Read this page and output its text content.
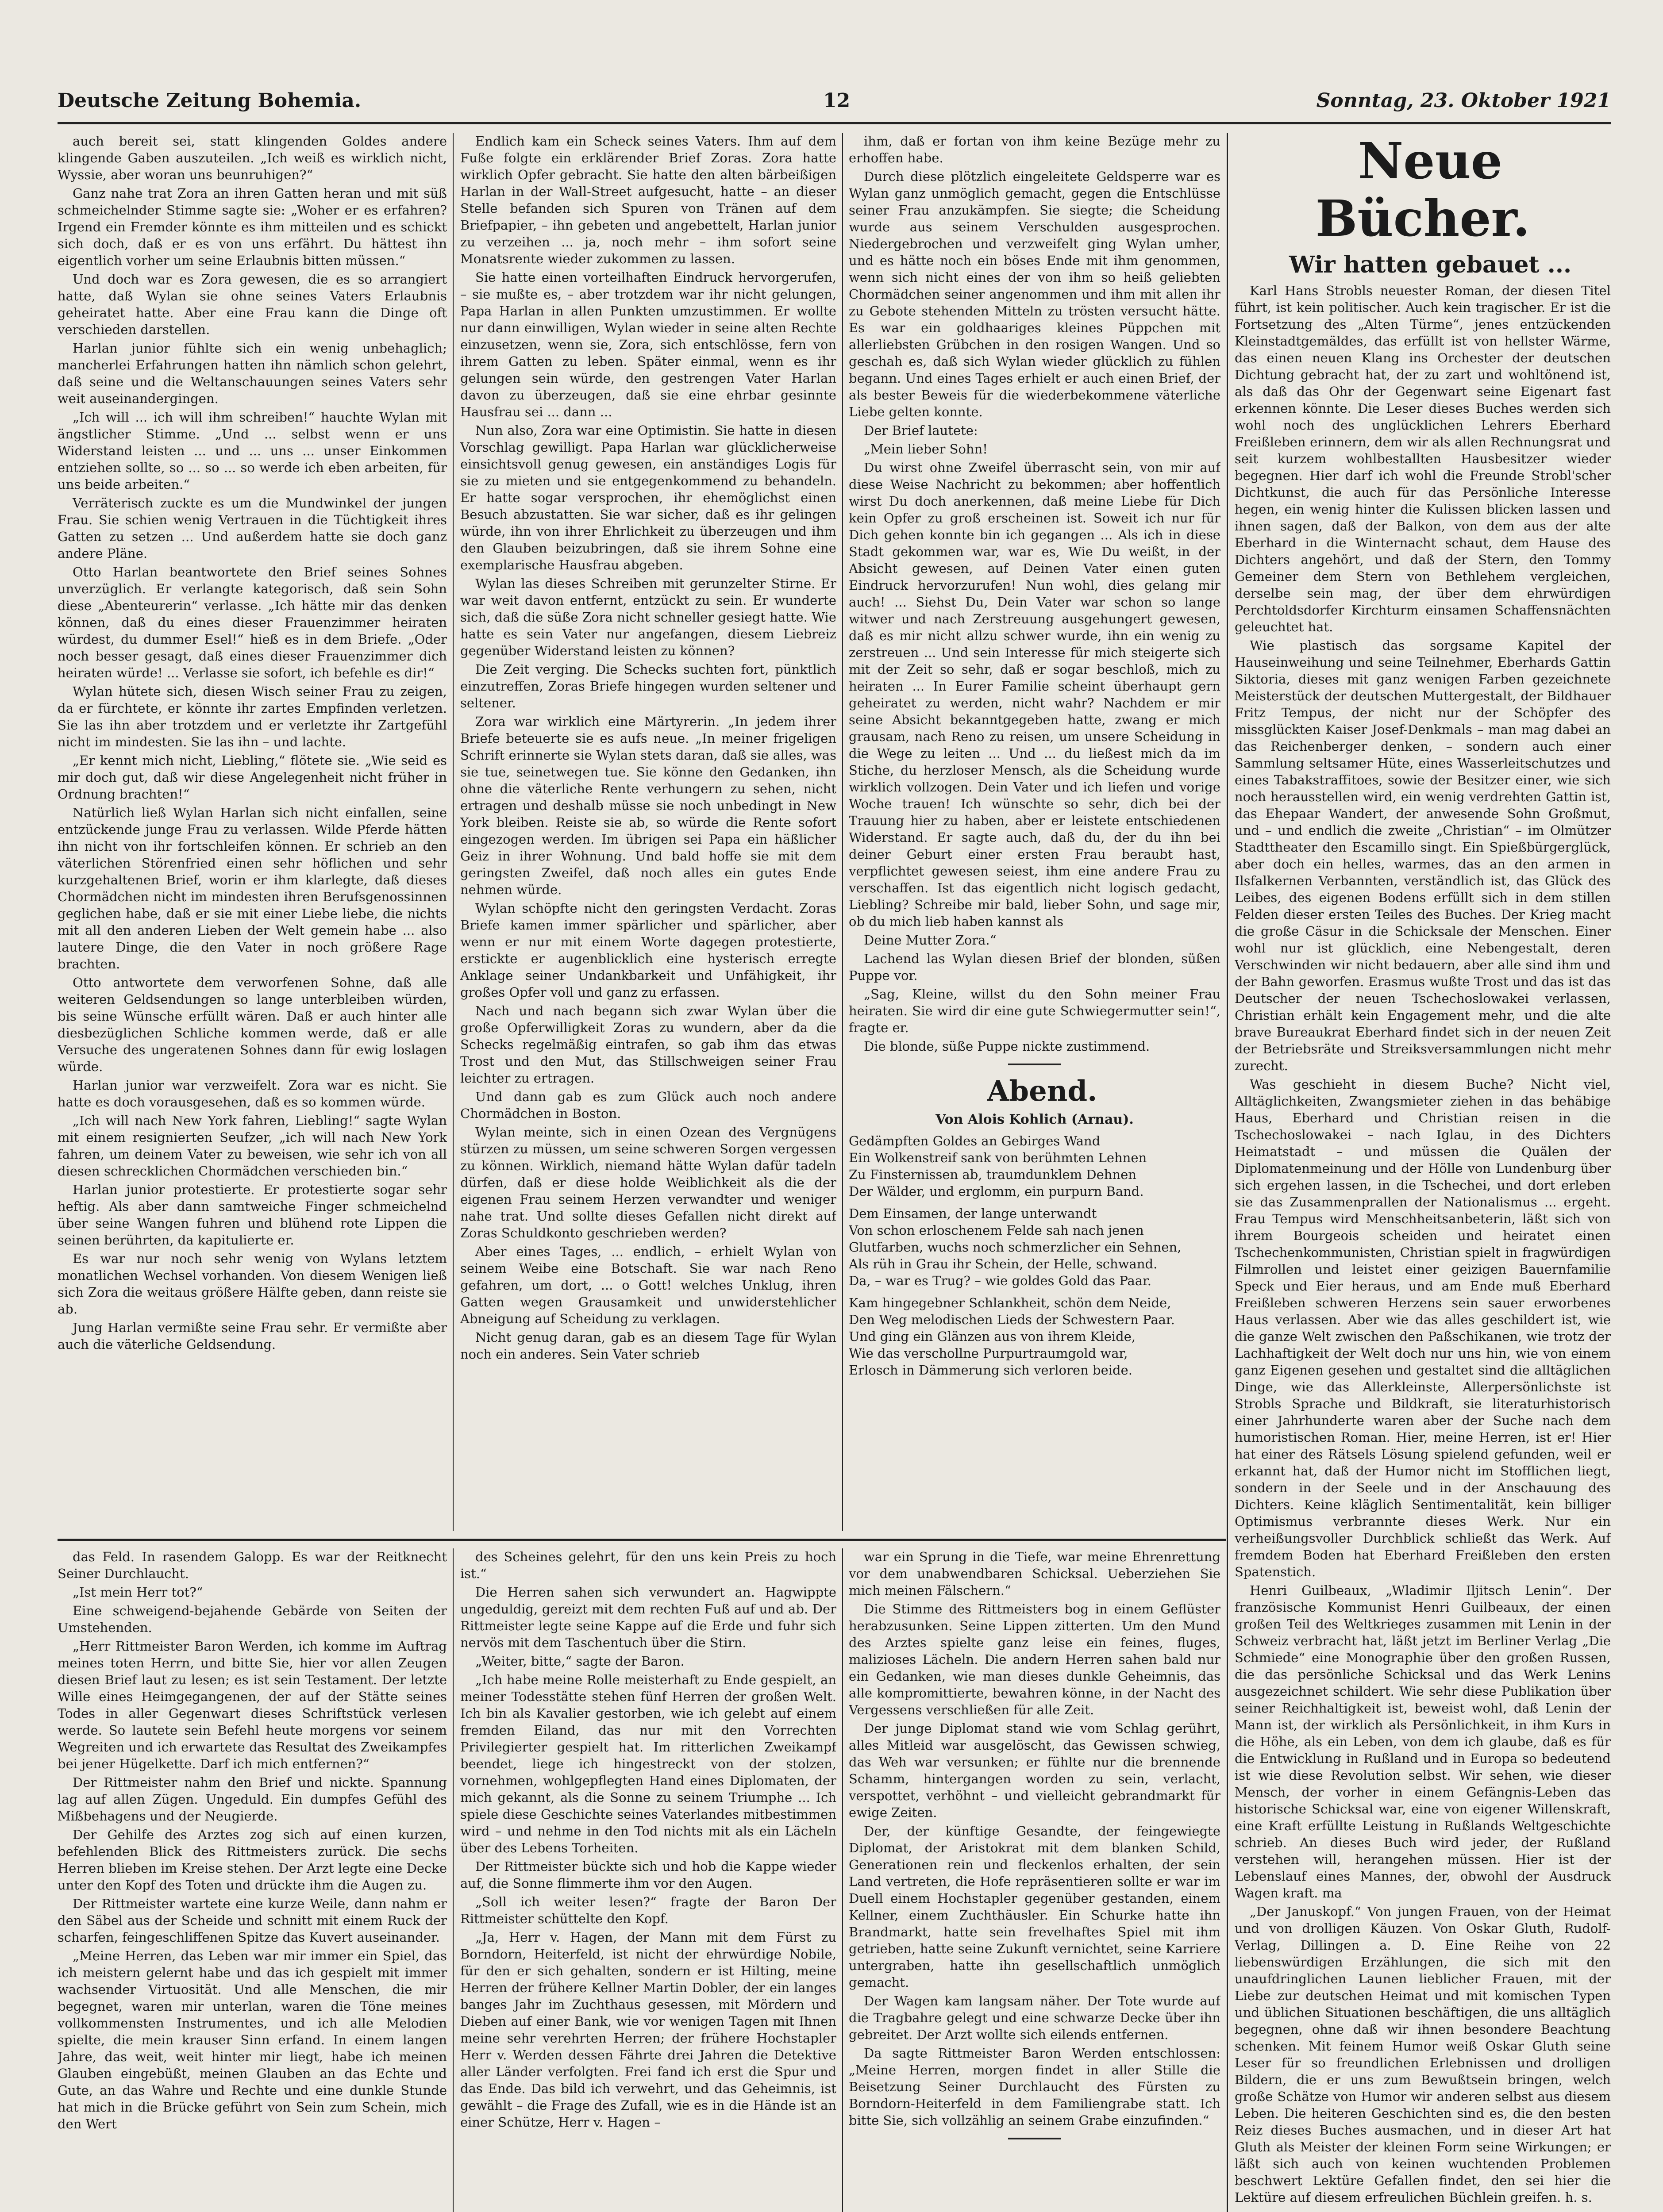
Deutsche Zeitung Bohemia.	12	Sonntag, 23. Oktober 1921

auch bereit sei, statt klingenden Goldes andere klingende Gaben auszuteilen. „Ich weiß es wirklich nicht, Wyssie, aber woran uns beunruhigen?“

Ganz nahe trat Zora an ihren Gatten heran und mit süß schmeichelnder Stimme sagte sie: „Woher er es erfahren? Irgend ein Fremder könnte es ihm mitteilen und es schickt sich doch, daß er es von uns erfährt. Du hättest ihn eigentlich vorher um seine Erlaubnis bitten müssen.“

Und doch war es Zora gewesen, die es so arrangiert hatte, daß Wylan sie ohne seines Vaters Erlaubnis geheiratet hatte. Aber eine Frau kann die Dinge oft verschieden darstellen.

Harlan junior fühlte sich ein wenig unbehaglich; mancherlei Erfahrungen hatten ihn nämlich schon gelehrt, daß seine und die Weltanschauungen seines Vaters sehr weit auseinandergingen.

„Ich will ... ich will ihm schreiben!“ hauchte Wylan mit ängstlicher Stimme. „Und ... selbst wenn er uns Widerstand leisten ... und ... uns ... unser Einkommen entziehen sollte, so ... so ... so werde ich eben arbeiten, für uns beide arbeiten.“

Verräterisch zuckte es um die Mundwinkel der jungen Frau. Sie schien wenig Vertrauen in die Tüchtigkeit ihres Gatten zu setzen ... Und außerdem hatte sie doch ganz andere Pläne.

Otto Harlan beantwortete den Brief seines Sohnes unverzüglich. Er verlangte kategorisch, daß sein Sohn diese „Abenteurerin“ verlasse. „Ich hätte mir das denken können, daß du eines dieser Frauenzimmer heiraten würdest, du dummer Esel!“ hieß es in dem Briefe. „Oder noch besser gesagt, daß eines dieser Frauenzimmer dich heiraten würde! ... Verlasse sie sofort, ich befehle es dir!“

Wylan hütete sich, diesen Wisch seiner Frau zu zeigen, da er fürchtete, er könnte ihr zartes Empfinden verletzen. Sie las ihn aber trotzdem und er verletzte ihr Zartgefühl nicht im mindesten. Sie las ihn – und lachte.

„Er kennt mich nicht, Liebling,“ flötete sie. „Wie seid es mir doch gut, daß wir diese Angelegenheit nicht früher in Ordnung brachten!“

Natürlich ließ Wylan Harlan sich nicht einfallen, seine entzückende junge Frau zu verlassen. Wilde Pferde hätten ihn nicht von ihr fortschleifen können. Er schrieb an den väterlichen Störenfried einen sehr höflichen und sehr kurzgehaltenen Brief, worin er ihm klarlegte, daß dieses Chormädchen nicht im mindesten ihren Berufsgenossinnen geglichen habe, daß er sie mit einer Liebe liebe, die nichts mit all den anderen Lieben der Welt gemein habe ... also lautere Dinge, die den Vater in noch größere Rage brachten.

Otto antwortete dem verworfenen Sohne, daß alle weiteren Geldsendungen so lange unterbleiben würden, bis seine Wünsche erfüllt wären. Daß er auch hinter alle diesbezüglichen Schliche kommen werde, daß er alle Versuche des ungeratenen Sohnes dann für ewig loslagen würde.

Harlan junior war verzweifelt. Zora war es nicht. Sie hatte es doch vorausgesehen, daß es so kommen würde.

„Ich will nach New York fahren, Liebling!“ sagte Wylan mit einem resignierten Seufzer, „ich will nach New York fahren, um deinem Vater zu beweisen, wie sehr ich von all diesen schrecklichen Chormädchen verschieden bin.“

Harlan junior protestierte. Er protestierte sogar sehr heftig. Als aber dann samtweiche Finger schmeichelnd über seine Wangen fuhren und blühend rote Lippen die seinen berührten, da kapitulierte er.

Es war nur noch sehr wenig von Wylans letztem monatlichen Wechsel vorhanden. Von diesem Wenigen ließ sich Zora die weitaus größere Hälfte geben, dann reiste sie ab.

Jung Harlan vermißte seine Frau sehr. Er vermißte aber auch die väterliche Geldsendung.

Endlich kam ein Scheck seines Vaters. Ihm auf dem Fuße folgte ein erklärender Brief Zoras. Zora hatte wirklich Opfer gebracht. Sie hatte den alten bärbeißigen Harlan in der Wall-Street aufgesucht, hatte – an dieser Stelle befanden sich Spuren von Tränen auf dem Briefpapier, – ihn gebeten und angebettelt, Harlan junior zu verzeihen ... ja, noch mehr – ihm sofort seine Monatsrente wieder zukommen zu lassen.

Sie hatte einen vorteilhaften Eindruck hervorgerufen, – sie mußte es, – aber trotzdem war ihr nicht gelungen, Papa Harlan in allen Punkten umzustimmen. Er wollte nur dann einwilligen, Wylan wieder in seine alten Rechte einzusetzen, wenn sie, Zora, sich entschlösse, fern von ihrem Gatten zu leben. Später einmal, wenn es ihr gelungen sein würde, den gestrengen Vater Harlan davon zu überzeugen, daß sie eine ehrbar gesinnte Hausfrau sei ... dann ...

Nun also, Zora war eine Optimistin. Sie hatte in diesen Vorschlag gewilligt. Papa Harlan war glücklicherweise einsichtsvoll genug gewesen, ein anständiges Logis für sie zu mieten und sie entgegenkommend zu behandeln. Er hatte sogar versprochen, ihr ehemöglichst einen Besuch abzustatten. Sie war sicher, daß es ihr gelingen würde, ihn von ihrer Ehrlichkeit zu überzeugen und ihm den Glauben beizubringen, daß sie ihrem Sohne eine exemplarische Hausfrau abgeben.

Wylan las dieses Schreiben mit gerunzelter Stirne. Er war weit davon entfernt, entzückt zu sein. Er wunderte sich, daß die süße Zora nicht schneller gesiegt hatte. Wie hatte es sein Vater nur angefangen, diesem Liebreiz gegenüber Widerstand leisten zu können?

Die Zeit verging. Die Schecks suchten fort, pünktlich einzutreffen, Zoras Briefe hingegen wurden seltener und seltener.

Zora war wirklich eine Märtyrerin. „In jedem ihrer Briefe beteuerte sie es aufs neue. „In meiner frigeligen Schrift erinnerte sie Wylan stets daran, daß sie alles, was sie tue, seinetwegen tue. Sie könne den Gedanken, ihn ohne die väterliche Rente verhungern zu sehen, nicht ertragen und deshalb müsse sie noch unbedingt in New York bleiben. Reiste sie ab, so würde die Rente sofort eingezogen werden. Im übrigen sei Papa ein häßlicher Geiz in ihrer Wohnung. Und bald hoffe sie mit dem geringsten Zweifel, daß noch alles ein gutes Ende nehmen würde.

Wylan schöpfte nicht den geringsten Verdacht. Zoras Briefe kamen immer spärlicher und spärlicher, aber wenn er nur mit einem Worte dagegen protestierte, erstickte er augenblicklich eine hysterisch erregte Anklage seiner Undankbarkeit und Unfähigkeit, ihr großes Opfer voll und ganz zu erfassen.

Nach und nach begann sich zwar Wylan über die große Opferwilligkeit Zoras zu wundern, aber da die Schecks regelmäßig eintrafen, so gab ihm das etwas Trost und den Mut, das Stillschweigen seiner Frau leichter zu ertragen.

Und dann gab es zum Glück auch noch andere Chormädchen in Boston.

Wylan meinte, sich in einen Ozean des Vergnügens stürzen zu müssen, um seine schweren Sorgen vergessen zu können. Wirklich, niemand hätte Wylan dafür tadeln dürfen, daß er diese holde Weiblichkeit als die der eigenen Frau seinem Herzen verwandter und weniger nahe trat. Und sollte dieses Gefallen nicht direkt auf Zoras Schuldkonto geschrieben werden?

Aber eines Tages, ... endlich, – erhielt Wylan von seinem Weibe eine Botschaft. Sie war nach Reno gefahren, um dort, ... o Gott! welches Unklug, ihren Gatten wegen Grausamkeit und unwiderstehlicher Abneigung auf Scheidung zu verklagen.

Nicht genug daran, gab es an diesem Tage für Wylan noch ein anderes. Sein Vater schrieb

ihm, daß er fortan von ihm keine Bezüge mehr zu erhoffen habe.

Durch diese plötzlich eingeleitete Geldsperre war es Wylan ganz unmöglich gemacht, gegen die Entschlüsse seiner Frau anzukämpfen. Sie siegte; die Scheidung wurde aus seinem Verschulden ausgesprochen. Niedergebrochen und verzweifelt ging Wylan umher, und es hätte noch ein böses Ende mit ihm genommen, wenn sich nicht eines der von ihm so heiß geliebten Chormädchen seiner angenommen und ihm mit allen ihr zu Gebote stehenden Mitteln zu trösten versucht hätte. Es war ein goldhaariges kleines Püppchen mit allerliebsten Grübchen in den rosigen Wangen. Und so geschah es, daß sich Wylan wieder glücklich zu fühlen begann. Und eines Tages erhielt er auch einen Brief, der als bester Beweis für die wiederbekommene väterliche Liebe gelten konnte.

Der Brief lautete:

„Mein lieber Sohn!

Du wirst ohne Zweifel überrascht sein, von mir auf diese Weise Nachricht zu bekommen; aber hoffentlich wirst Du doch anerkennen, daß meine Liebe für Dich kein Opfer zu groß erscheinen ist. Soweit ich nur für Dich gehen konnte bin ich gegangen ... Als ich in diese Stadt gekommen war, war es, Wie Du weißt, in der Absicht gewesen, auf Deinen Vater einen guten Eindruck hervorzurufen! Nun wohl, dies gelang mir auch! ... Siehst Du, Dein Vater war schon so lange witwer und nach Zerstreuung ausgehungert gewesen, daß es mir nicht allzu schwer wurde, ihn ein wenig zu zerstreuen ... Und sein Interesse für mich steigerte sich mit der Zeit so sehr, daß er sogar beschloß, mich zu heiraten ... In Eurer Familie scheint überhaupt gern geheiratet zu werden, nicht wahr? Nachdem er mir seine Absicht bekanntgegeben hatte, zwang er mich grausam, nach Reno zu reisen, um unsere Scheidung in die Wege zu leiten ... Und ... du ließest mich da im Stiche, du herzloser Mensch, als die Scheidung wurde wirklich vollzogen. Dein Vater und ich liefen und vorige Woche trauen! Ich wünschte so sehr, dich bei der Trauung hier zu haben, aber er leistete entschiedenen Widerstand. Er sagte auch, daß du, der du ihn bei deiner Geburt einer ersten Frau beraubt hast, verpflichtet gewesen seiest, ihm eine andere Frau zu verschaffen. Ist das eigentlich nicht logisch gedacht, Liebling? Schreibe mir bald, lieber Sohn, und sage mir, ob du mich lieb haben kannst als

Deine Mutter Zora.“

Lachend las Wylan diesen Brief der blonden, süßen Puppe vor.

„Sag, Kleine, willst du den Sohn meiner Frau heiraten. Sie wird dir eine gute Schwiegermutter sein!“, fragte er.

Die blonde, süße Puppe nickte zustimmend.

Abend.

Von Alois Kohlich (Arnau).
Gedämpften Goldes an Gebirges Wand
Ein Wolkenstreif sank von berühmten Lehnen
Zu Finsternissen ab, traumdunklem Dehnen
Der Wälder, und erglomm, ein purpurn Band.
Dem Einsamen, der lange unterwandt
Von schon erloschenem Felde sah nach jenen
Glutfarben, wuchs noch schmerzlicher ein Sehnen,
Als rüh in Grau ihr Schein, der Helle, schwand.
Da, – war es Trug? – wie goldes Gold das Paar.
Kam hingegebner Schlankheit, schön dem Neide,
Den Weg melodischen Lieds der Schwestern Paar.
Und ging ein Glänzen aus von ihrem Kleide,
Wie das verschollne Purpurtraumgold war,
Erlosch in Dämmerung sich verloren beide.

Neue Bücher.

Wir hatten gebauet ...

Karl Hans Strobls neuester Roman, der diesen Titel führt, ist kein politischer. Auch kein tragischer. Er ist die Fortsetzung des „Alten Türme“, jenes entzückenden Kleinstadtgemäldes, das erfüllt ist von hellster Wärme, das einen neuen Klang ins Orchester der deutschen Dichtung gebracht hat, der zu zart und wohltönend ist, als daß das Ohr der Gegenwart seine Eigenart fast erkennen könnte. Die Leser dieses Buches werden sich wohl noch des unglücklichen Lehrers Eberhard Freißleben erinnern, dem wir als allen Rechnungsrat und seit kurzem wohlbestallten Hausbesitzer wieder begegnen. Hier darf ich wohl die Freunde Strobl'scher Dichtkunst, die auch für das Persönliche Interesse hegen, ein wenig hinter die Kulissen blicken lassen und ihnen sagen, daß der Balkon, von dem aus der alte Eberhard in die Winternacht schaut, dem Hause des Dichters angehört, und daß der Stern, den Tommy Gemeiner dem Stern von Bethlehem vergleichen, derselbe sein mag, der über dem ehrwürdigen Perchtoldsdorfer Kirchturm einsamen Schaffensnächten geleuchtet hat.

Wie plastisch das sorgsame Kapitel der Hauseinweihung und seine Teilnehmer, Eberhards Gattin Siktoria, dieses mit ganz wenigen Farben gezeichnete Meisterstück der deutschen Muttergestalt, der Bildhauer Fritz Tempus, der nicht nur der Schöpfer des missglückten Kaiser Josef-Denkmals – man mag dabei an das Reichenberger denken, – sondern auch einer Sammlung seltsamer Hüte, eines Wasserleitschutzes und eines Tabakstraffitoes, sowie der Besitzer einer, wie sich noch herausstellen wird, ein wenig verdrehten Gattin ist, das Ehepaar Wandert, der anwesende Sohn Großmut, und – und endlich die zweite „Christian“ – im Olmützer Stadttheater den Escamillo singt. Ein Spießbürgerglück, aber doch ein helles, warmes, das an den armen in Ilsfalkernen Verbannten, verständlich ist, das Glück des Leibes, des eigenen Bodens erfüllt sich in dem stillen Felden dieser ersten Teiles des Buches. Der Krieg macht die große Cäsur in die Schicksale der Menschen. Einer wohl nur ist glücklich, eine Nebengestalt, deren Verschwinden wir nicht bedauern, aber alle sind ihm und der Bahn geworfen. Erasmus wußte Trost und das ist das Deutscher der neuen Tschechoslowakei verlassen, Christian erhält kein Engagement mehr, und die alte brave Bureaukrat Eberhard findet sich in der neuen Zeit der Betriebsräte und Streiksversammlungen nicht mehr zurecht.

Was geschieht in diesem Buche? Nicht viel, Alltäglichkeiten, Zwangsmieter ziehen in das behäbige Haus, Eberhard und Christian reisen in die Tschechoslowakei – nach Iglau, in des Dichters Heimatstadt – und müssen die Quälen der Diplomatenmeinung und der Hölle von Lundenburg über sich ergehen lassen, in die Tschechei, und dort erleben sie das Zusammenprallen der Nationalismus ... ergeht. Frau Tempus wird Menschheitsanbeterin, läßt sich von ihrem Bourgeois scheiden und heiratet einen Tschechenkommunisten, Christian spielt in fragwürdigen Filmrollen und leistet einer geizigen Bauernfamilie Speck und Eier heraus, und am Ende muß Eberhard Freißleben schweren Herzens sein sauer erworbenes Haus verlassen. Aber wie das alles geschildert ist, wie die ganze Welt zwischen den Paßschikanen, wie trotz der Lachhaftigkeit der Welt doch nur uns hin, wie von einem ganz Eigenen gesehen und gestaltet sind die alltäglichen Dinge, wie das Allerkleinste, Allerpersönlichste ist Strobls Sprache und Bildkraft, sie literaturhistorisch einer Jahrhunderte waren aber der Suche nach dem humoristischen Roman. Hier, meine Herren, ist er! Hier hat einer des Rätsels Lösung spielend gefunden, weil er erkannt hat, daß der Humor nicht im Stofflichen liegt, sondern in der Seele und in der Anschauung des Dichters. Keine kläglich Sentimentalität, kein billiger Optimismus verbrannte dieses Werk. Nur ein verheißungsvoller Durchblick schließt das Werk. Auf fremdem Boden hat Eberhard Freißleben den ersten Spatenstich.

Henri Guilbeaux, „Wladimir Iljitsch Lenin“. Der französische Kommunist Henri Guilbeaux, der einen großen Teil des Weltkrieges zusammen mit Lenin in der Schweiz verbracht hat, läßt jetzt im Berliner Verlag „Die Schmiede“ eine Monographie über den großen Russen, die das persönliche Schicksal und das Werk Lenins ausgezeichnet schildert. Wie sehr diese Publikation über seiner Reichhaltigkeit ist, beweist wohl, daß Lenin der Mann ist, der wirklich als Persönlichkeit, in ihm Kurs in die Höhe, als ein Leben, von dem ich glaube, daß es für die Entwicklung in Rußland und in Europa so bedeutend ist wie diese Revolution selbst. Wir sehen, wie dieser Mensch, der vorher in einem Gefängnis-Leben das historische Schicksal war, eine von eigener Willenskraft, eine Kraft erfüllte Leistung in Rußlands Weltgeschichte schrieb. An dieses Buch wird jeder, der Rußland verstehen will, herangehen müssen. Hier ist der Lebenslauf eines Mannes, der, obwohl der Ausdruck Wagen kraft. ma

„Der Januskopf.“ Von jungen Frauen, von der Heimat und von drolligen Käuzen. Von Oskar Gluth, Rudolf-Verlag, Dillingen a. D. Eine Reihe von 22 liebenswürdigen Erzählungen, die sich mit den unaufdringlichen Launen lieblicher Frauen, mit der Liebe zur deutschen Heimat und mit komischen Typen und üblichen Situationen beschäftigen, die uns alltäglich begegnen, ohne daß wir ihnen besondere Beachtung schenken. Mit feinem Humor weiß Oskar Gluth seine Leser für so freundlichen Erlebnissen und drolligen Bildern, die er uns zum Bewußtsein bringen, welch große Schätze von Humor wir anderen selbst aus diesem Leben. Die heiteren Geschichten sind es, die den besten Reiz dieses Buches ausmachen, und in dieser Art hat Gluth als Meister der kleinen Form seine Wirkungen; er läßt sich auch von keinen wuchtenden Problemen beschwert Lektüre Gefallen findet, den sei hier die Lektüre auf diesem erfreulichen Büchlein greifen. h. s.

das Feld. In rasendem Galopp. Es war der Reitknecht Seiner Durchlaucht.

„Ist mein Herr tot?“

Eine schweigend-bejahende Gebärde von Seiten der Umstehenden.

„Herr Rittmeister Baron Werden, ich komme im Auftrag meines toten Herrn, und bitte Sie, hier vor allen Zeugen diesen Brief laut zu lesen; es ist sein Testament. Der letzte Wille eines Heimgegangenen, der auf der Stätte seines Todes in aller Gegenwart dieses Schriftstück verlesen werde. So lautete sein Befehl heute morgens vor seinem Wegreiten und ich erwartete das Resultat des Zweikampfes bei jener Hügelkette. Darf ich mich entfernen?“

Der Rittmeister nahm den Brief und nickte. Spannung lag auf allen Zügen. Ungeduld. Ein dumpfes Gefühl des Mißbehagens und der Neugierde.

Der Gehilfe des Arztes zog sich auf einen kurzen, befehlenden Blick des Rittmeisters zurück. Die sechs Herren blieben im Kreise stehen. Der Arzt legte eine Decke unter den Kopf des Toten und drückte ihm die Augen zu.

Der Rittmeister wartete eine kurze Weile, dann nahm er den Säbel aus der Scheide und schnitt mit einem Ruck der scharfen, feingeschliffenen Spitze das Kuvert auseinander.

„Meine Herren, das Leben war mir immer ein Spiel, das ich meistern gelernt habe und das ich gespielt mit immer wachsender Virtuosität. Und alle Menschen, die mir begegnet, waren mir unterlan, waren die Töne meines vollkommensten Instrumentes, und ich alle Melodien spielte, die mein krauser Sinn erfand. In einem langen Jahre, das weit, weit hinter mir liegt, habe ich meinen Glauben eingebüßt, meinen Glauben an das Echte und Gute, an das Wahre und Rechte und eine dunkle Stunde hat mich in die Brücke geführt von Sein zum Schein, mich den Wert

des Scheines gelehrt, für den uns kein Preis zu hoch ist.“

Die Herren sahen sich verwundert an. Hagwippte ungeduldig, gereizt mit dem rechten Fuß auf und ab. Der Rittmeister legte seine Kappe auf die Erde und fuhr sich nervös mit dem Taschentuch über die Stirn.

„Weiter, bitte,“ sagte der Baron.

„Ich habe meine Rolle meisterhaft zu Ende gespielt, an meiner Todesstätte stehen fünf Herren der großen Welt. Ich bin als Kavalier gestorben, wie ich gelebt auf einem fremden Eiland, das nur mit den Vorrechten Privilegierter gespielt hat. Im ritterlichen Zweikampf beendet, liege ich hingestreckt von der stolzen, vornehmen, wohlgepflegten Hand eines Diplomaten, der mich gekannt, als die Sonne zu seinem Triumphe ... Ich spiele diese Geschichte seines Vaterlandes mitbestimmen wird – und nehme in den Tod nichts mit als ein Lächeln über des Lebens Torheiten.

Der Rittmeister bückte sich und hob die Kappe wieder auf, die Sonne flimmerte ihm vor den Augen.

„Soll ich weiter lesen?“ fragte der Baron Der Rittmeister schüttelte den Kopf.

„Ja, Herr v. Hagen, der Mann mit dem Fürst zu Borndorn, Heiterfeld, ist nicht der ehrwürdige Nobile, für den er sich gehalten, sondern er ist Hilting, meine Herren der frühere Kellner Martin Dobler, der ein langes banges Jahr im Zuchthaus gesessen, mit Mördern und Dieben auf einer Bank, wie vor wenigen Tagen mit Ihnen meine sehr verehrten Herren; der frühere Hochstapler Herr v. Werden dessen Fährte drei Jahren die Detektive aller Länder verfolgten. Frei fand ich erst die Spur und das Ende. Das bild ich verwehrt, und das Geheimnis, ist gewählt – die Frage des Zufall, wie es in die Hände ist an einer Schütze, Herr v. Hagen –

war ein Sprung in die Tiefe, war meine Ehrenrettung vor dem unabwendbaren Schicksal. Ueberziehen Sie mich meinen Fälschern.“

Die Stimme des Rittmeisters bog in einem Geflüster herabzusunken. Seine Lippen zitterten. Um den Mund des Arztes spielte ganz leise ein feines, fluges, malizioses Lächeln. Die andern Herren sahen bald nur ein Gedanken, wie man dieses dunkle Geheimnis, das alle kompromittierte, bewahren könne, in der Nacht des Vergessens verschließen für alle Zeit.

Der junge Diplomat stand wie vom Schlag gerührt, alles Mitleid war ausgelöscht, das Gewissen schwieg, das Weh war versunken; er fühlte nur die brennende Schamm, hintergangen worden zu sein, verlacht, verspottet, verhöhnt – und vielleicht gebrandmarkt für ewige Zeiten.

Der, der künftige Gesandte, der feingewiegte Diplomat, der Aristokrat mit dem blanken Schild, Generationen rein und fleckenlos erhalten, der sein Land vertreten, die Hofe repräsentieren sollte er war im Duell einem Hochstapler gegenüber gestanden, einem Kellner, einem Zuchthäusler. Ein Schurke hatte ihn Brandmarkt, hatte sein frevelhaftes Spiel mit ihm getrieben, hatte seine Zukunft vernichtet, seine Karriere untergraben, hatte ihn gesellschaftlich unmöglich gemacht.

Der Wagen kam langsam näher. Der Tote wurde auf die Tragbahre gelegt und eine schwarze Decke über ihn gebreitet. Der Arzt wollte sich eilends entfernen.

Da sagte Rittmeister Baron Werden entschlossen: „Meine Herren, morgen findet in aller Stille die Beisetzung Seiner Durchlaucht des Fürsten zu Borndorn-Heiterfeld in dem Familiengrabe statt. Ich bitte Sie, sich vollzählig an seinem Grabe einzufinden.“
